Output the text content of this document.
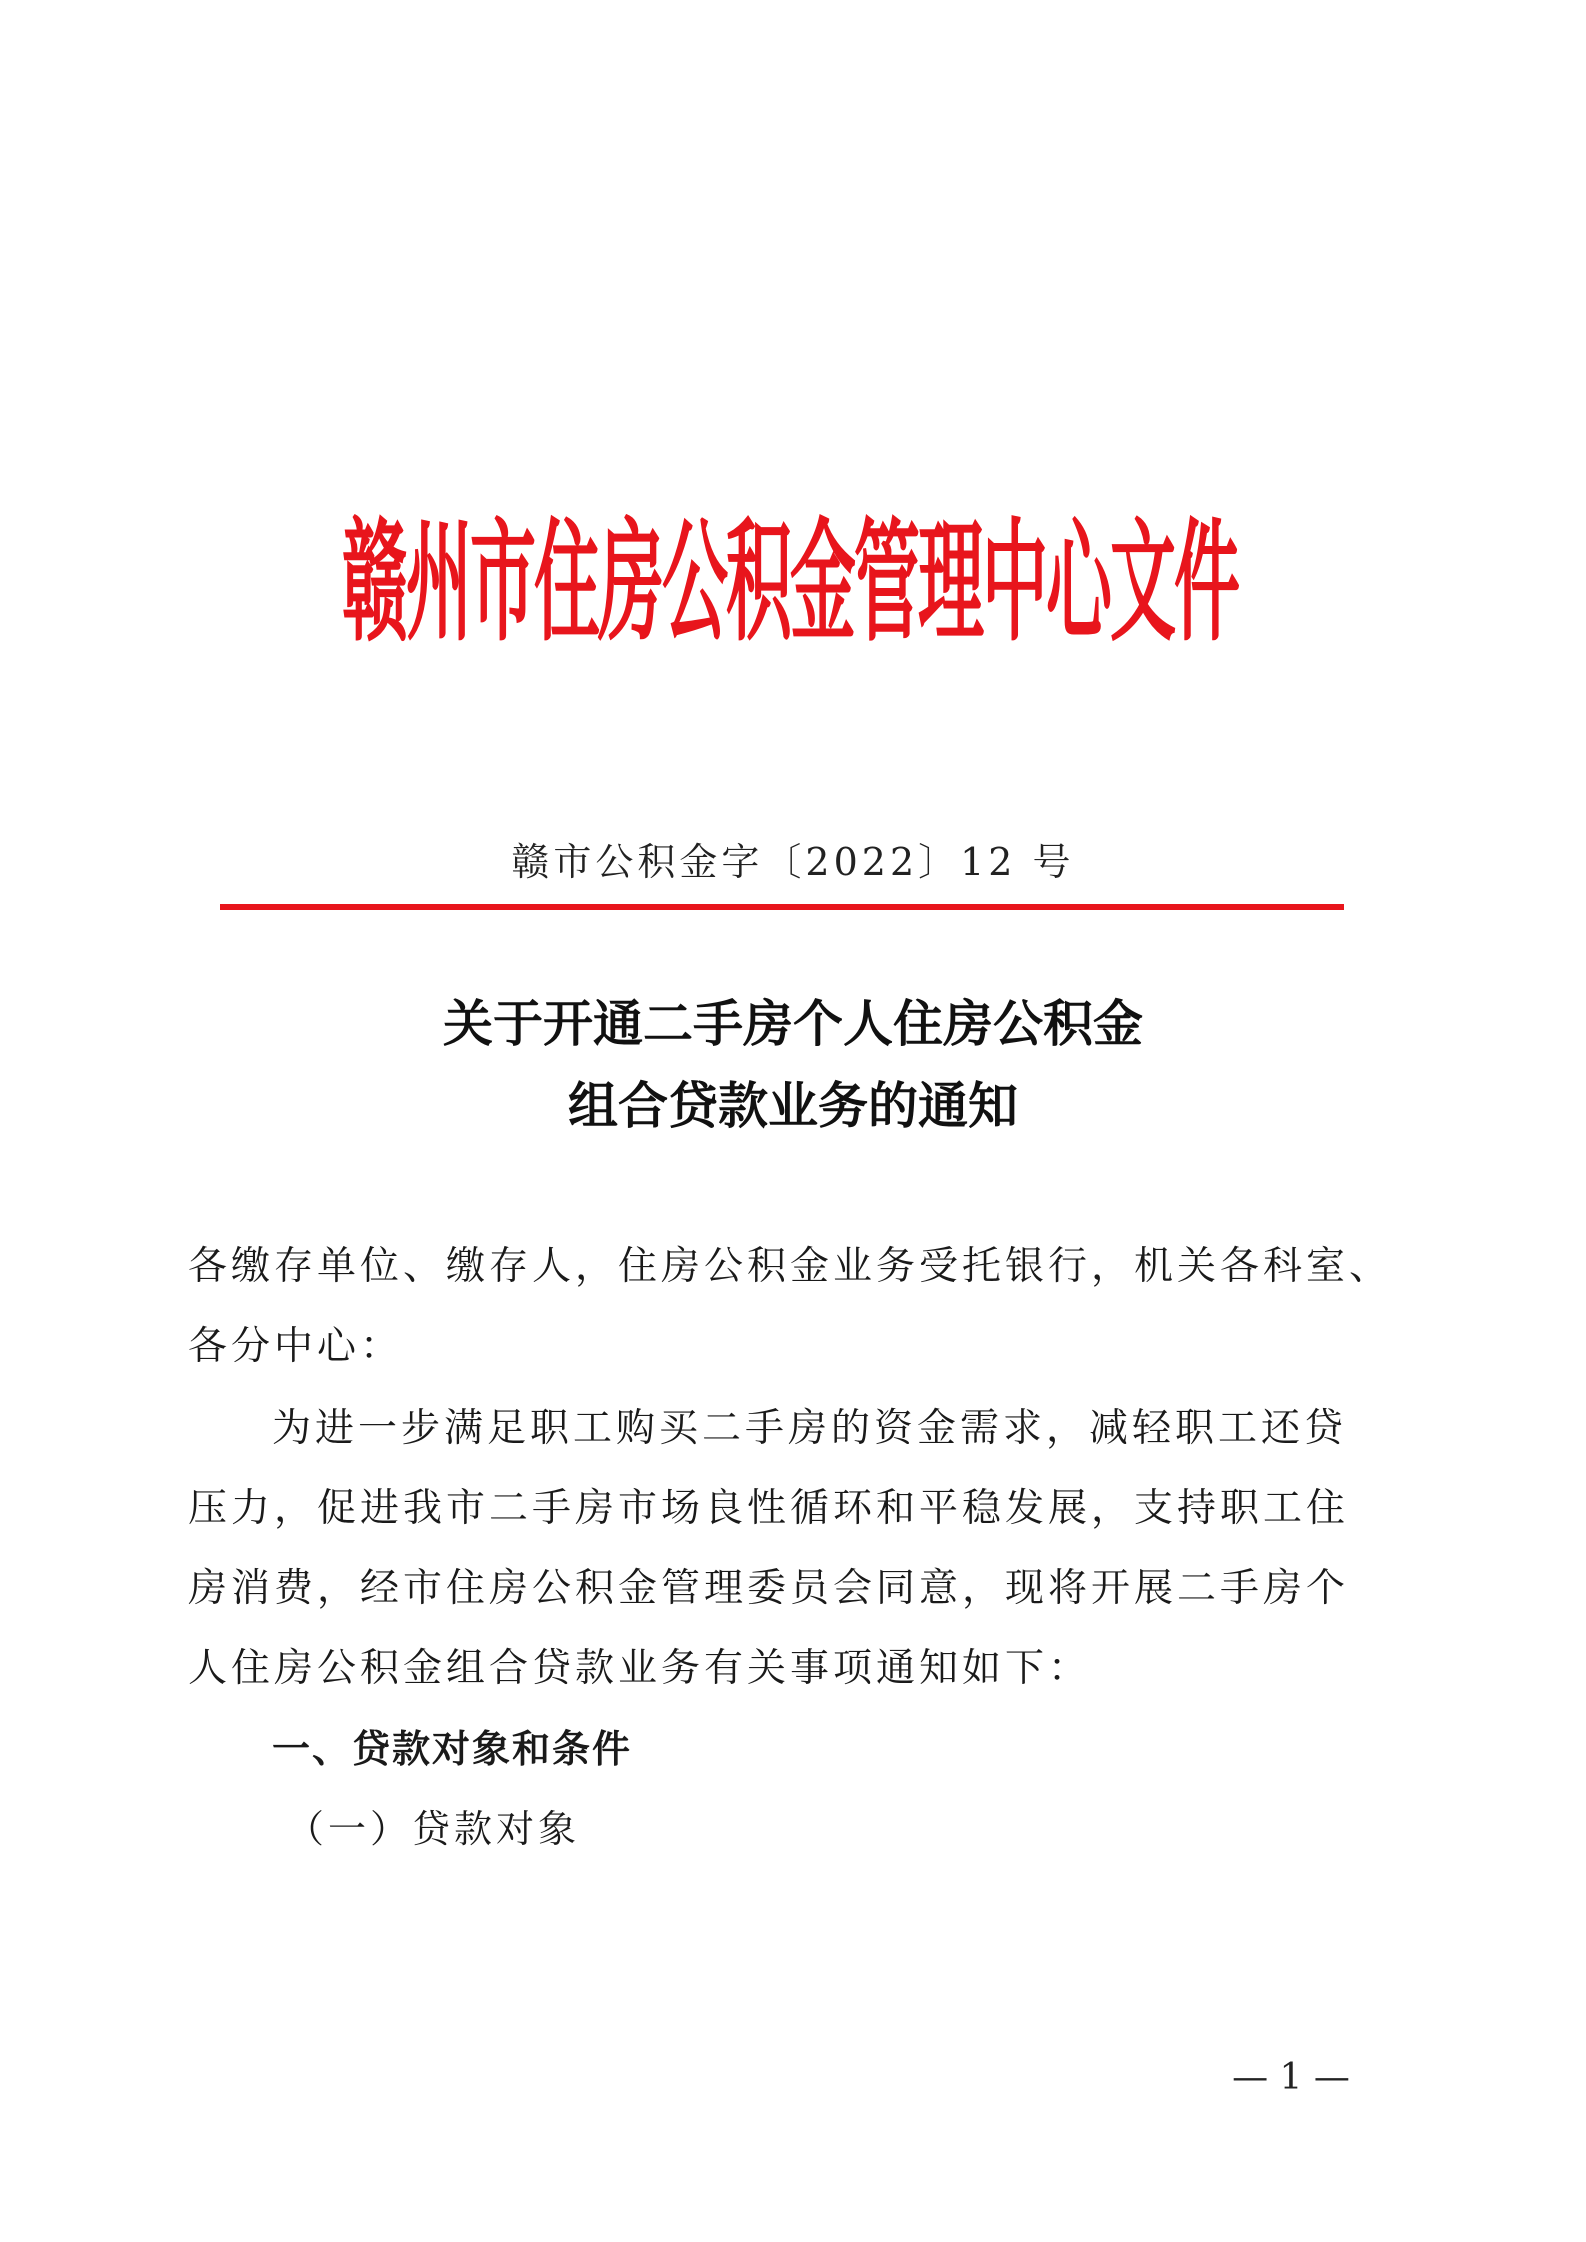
赣州市住房公积金管理中心文件
赣市公积金字〔2022〕12 号
关于开通二手房个人住房公积金
组合贷款业务的通知
各缴存单位、缴存人，住房公积金业务受托银行，机关各科室、
各分中心：
为进一步满足职工购买二手房的资金需求，减轻职工还贷
压力，促进我市二手房市场良性循环和平稳发展，支持职工住
房消费，经市住房公积金管理委员会同意，现将开展二手房个
人住房公积金组合贷款业务有关事项通知如下：
一、贷款对象和条件
（一）贷款对象
— 1 —
